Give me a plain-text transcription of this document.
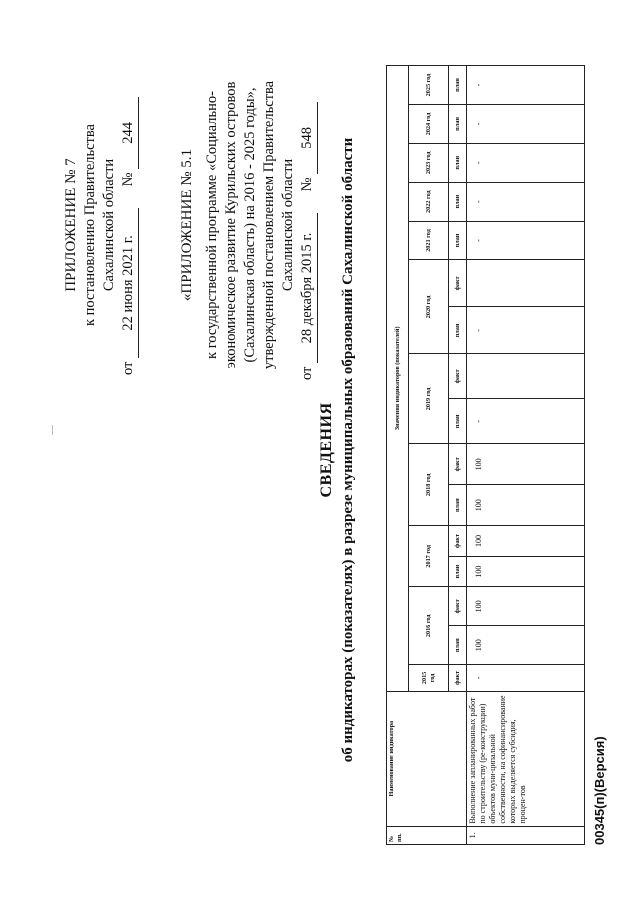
ПРИЛОЖЕНИЕ № 7 к постановлению Правительства Сахалинской области

от 22 июня 2021 г. № 244

«ПРИЛОЖЕНИЕ № 5.1 к государственной программе «Социально- экономическое развитие Курильских островов (Сахалинская область) на 2016 - 2025 годы», утвержденной постановлением Правительства Сахалинской области

от 28 декабря 2015 г. № 548

СВЕДЕНИЯ об индикаторах (показателях) в разрезе муниципальных образований Сахалинской области
№ пп.	Наименование индикатора	Значения индикаторов (показателей)															
		2015 год	2016 год		2017 год		2018 год		2019 год		2020 год		2021 год	2022 год	2023 год	2024 год	2025 год
		факт	план	факт	план	факт	план	факт	план	факт	план	факт	план	план	план	план	план
1.	Выполнение запланированных работ по строительству (ре-конструкции) объектов муни-ципальной собственности, на софинансирование которых выделяется субсидия, процен-тов	-	100	100	100	100	100	100	-		-		-	-	-	-	-
00345(п)(Версия)
